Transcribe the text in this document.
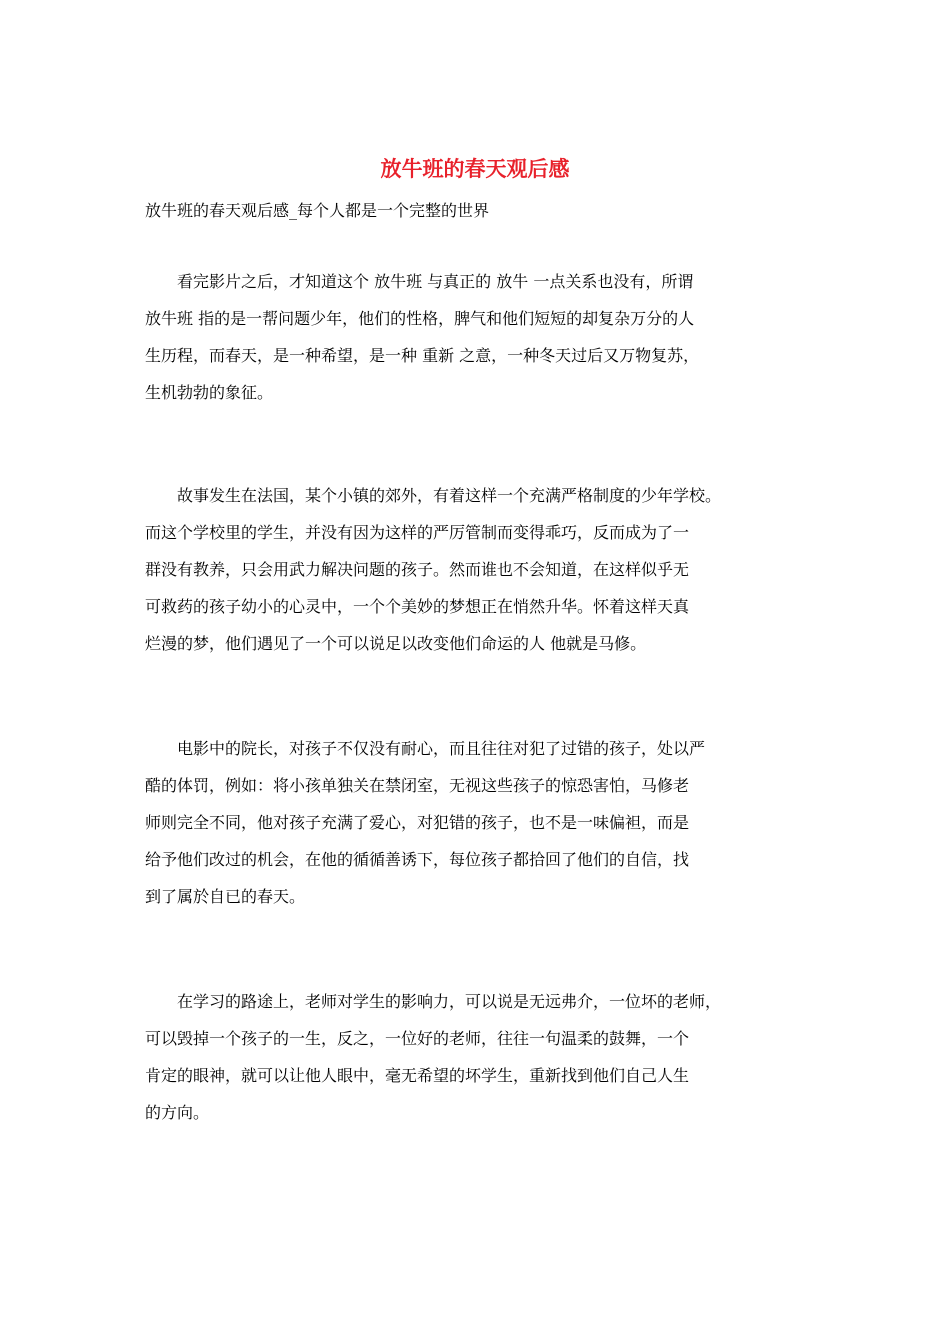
放牛班的春天观后感
放牛班的春天观后感_每个人都是一个完整的世界
　　看完影片之后，才知道这个 放牛班 与真正的 放牛 一点关系也没有，所谓
放牛班 指的是一帮问题少年，他们的性格，脾气和他们短短的却复杂万分的人
生历程，而春天，是一种希望，是一种 重新 之意，一种冬天过后又万物复苏，
生机勃勃的象征。
　　故事发生在法国，某个小镇的郊外，有着这样一个充满严格制度的少年学校。
而这个学校里的学生，并没有因为这样的严厉管制而变得乖巧，反而成为了一
群没有教养，只会用武力解决问题的孩子。然而谁也不会知道，在这样似乎无
可救药的孩子幼小的心灵中，一个个美妙的梦想正在悄然升华。怀着这样天真
烂漫的梦，他们遇见了一个可以说足以改变他们命运的人 他就是马修。
　　电影中的院长，对孩子不仅没有耐心，而且往往对犯了过错的孩子，处以严
酷的体罚，例如：将小孩单独关在禁闭室，无视这些孩子的惊恐害怕，马修老
师则完全不同，他对孩子充满了爱心，对犯错的孩子，也不是一味偏袒，而是
给予他们改过的机会，在他的循循善诱下，每位孩子都拾回了他们的自信，找
到了属於自已的春天。
　　在学习的路途上，老师对学生的影响力，可以说是无远弗介，一位坏的老师，
可以毁掉一个孩子的一生，反之，一位好的老师，往往一句温柔的鼓舞，一个
肯定的眼神，就可以让他人眼中，毫无希望的坏学生，重新找到他们自己人生
的方向。
